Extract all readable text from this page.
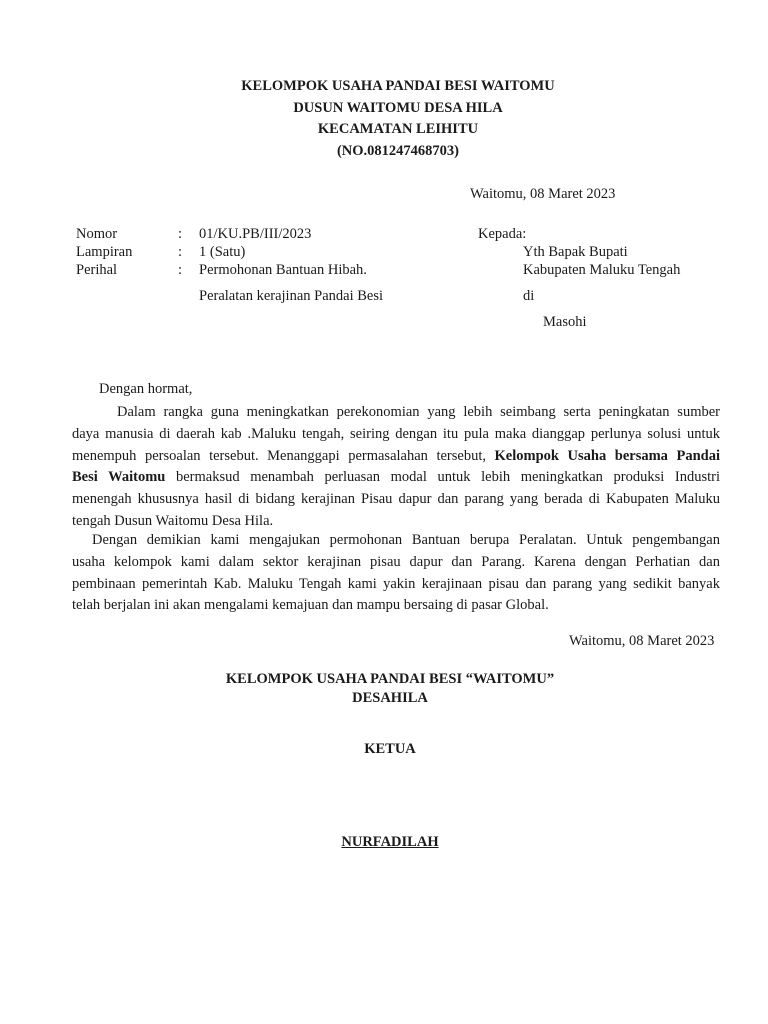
KELOMPOK USAHA PANDAI BESI WAITOMU
DUSUN WAITOMU DESA HILA
KECAMATAN LEIHITU
(NO.081247468703)
Waitomu, 08 Maret 2023
Nomor	: 01/KU.PB/III/2023
Lampiran	: 1 (Satu)
Perihal	: Permohonan Bantuan Hibah.
Peralatan kerajinan Pandai Besi
Kepada:
Yth Bapak Bupati
Kabupaten Maluku Tengah
di
Masohi
Dengan hormat,
Dalam rangka guna meningkatkan perekonomian yang lebih seimbang serta peningkatan sumber
daya manusia di daerah kab .Maluku tengah, seiring dengan itu pula maka dianggap perlunya solusi untuk
menempuh persoalan tersebut. Menanggapi permasalahan tersebut, Kelompok Usaha bersama Pandai
Besi Waitomu bermaksud menambah perluasan modal untuk lebih meningkatkan produksi Industri
menengah khususnya hasil di bidang kerajinan Pisau dapur dan parang yang berada di Kabupaten Maluku
tengah Dusun Waitomu Desa Hila.
Dengan demikian kami mengajukan permohonan Bantuan berupa Peralatan. Untuk pengembangan
usaha kelompok kami dalam sektor kerajinan pisau dapur dan Parang. Karena dengan Perhatian dan
pembinaan pemerintah Kab. Maluku Tengah kami yakin kerajinaan pisau dan parang yang sedikit banyak
telah berjalan ini akan mengalami kemajuan dan mampu bersaing di pasar Global.
Waitomu, 08 Maret 2023
KELOMPOK USAHA PANDAI BESI “WAITOMU”
DESAHILA
KETUA
NURFADILAH
